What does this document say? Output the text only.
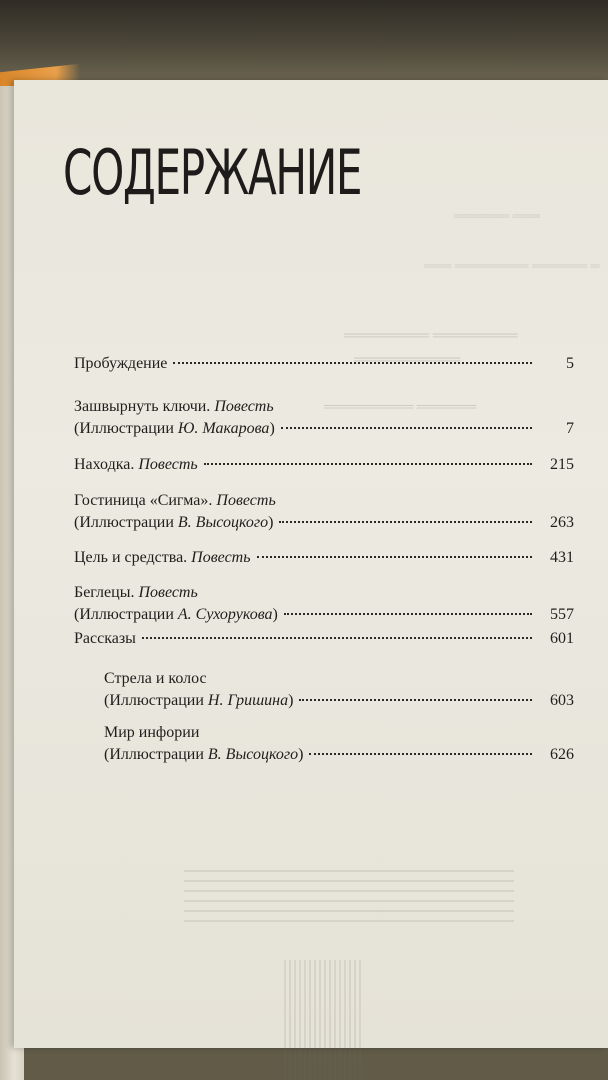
══════ ═══
═══ ════════ ══════ ═
════════ ════════
══════════
═════════ ══════
СОДЕРЖАНИЕ
Пробуждение	5
Зашвырнуть ключи. Повесть
(Иллюстрации Ю. Макарова)	7
Находка. Повесть	215
Гостиница «Сигма». Повесть
(Иллюстрации В. Высоцкого)	263
Цель и средства. Повесть	431
Беглецы. Повесть
(Иллюстрации А. Сухорукова)	557
Рассказы	601
Стрела и колос
(Иллюстрации Н. Гришина)	603
Мир инфории
(Иллюстрации В. Высоцкого)	626
